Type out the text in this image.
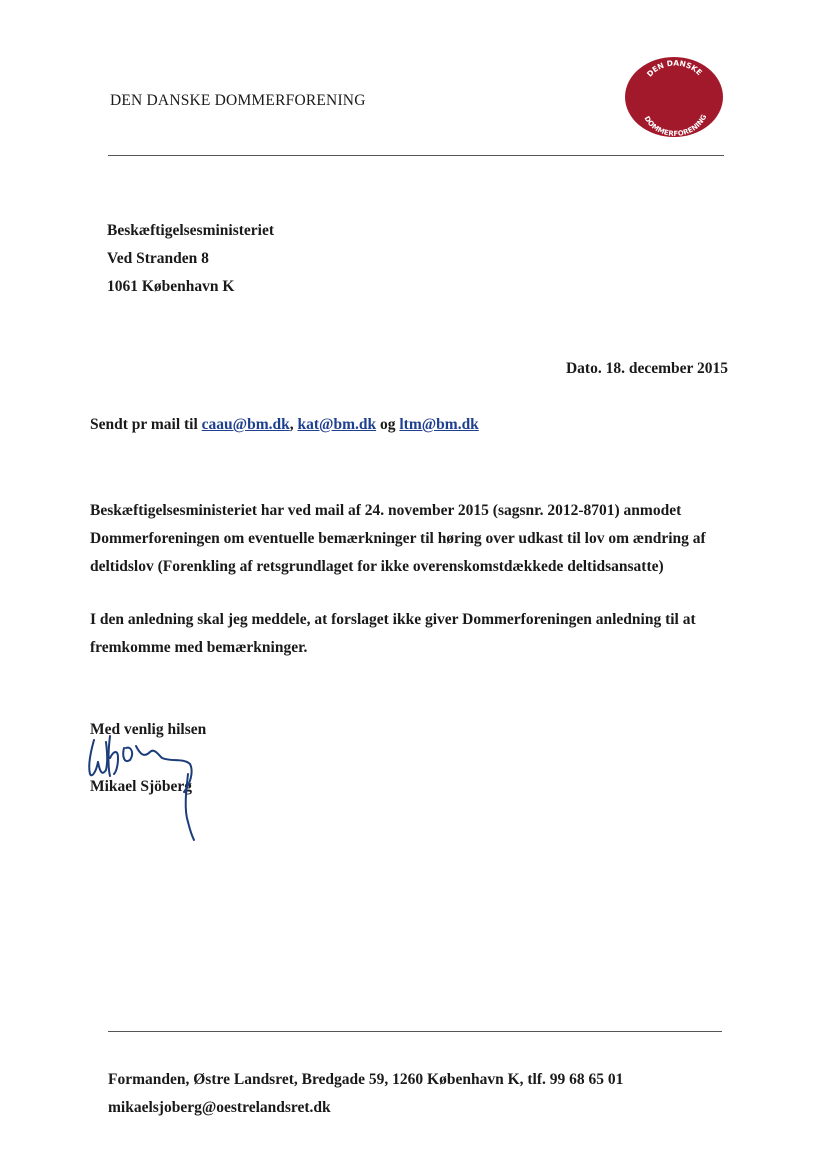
DEN DANSKE DOMMERFORENING
DEN DANSKE
DOMMERFORENING
Beskæftigelsesministeriet
Ved Stranden 8
1061 København K
Dato. 18. december 2015
Sendt pr mail til caau@bm.dk, kat@bm.dk og ltm@bm.dk
Beskæftigelsesministeriet har ved mail af 24. november 2015 (sagsnr. 2012-8701) anmodet Dommerforeningen om eventuelle bemærkninger til høring over udkast til lov om ændring af deltidslov (Forenkling af retsgrundlaget for ikke overenskomstdækkede deltidsansatte)
I den anledning skal jeg meddele, at forslaget ikke giver Dommerforeningen anledning til at fremkomme med bemærkninger.
Med venlig hilsen
Mikael Sjöberg
Formanden, Østre Landsret, Bredgade 59, 1260 København K, tlf. 99 68 65 01
mikaelsjoberg@oestrelandsret.dk
